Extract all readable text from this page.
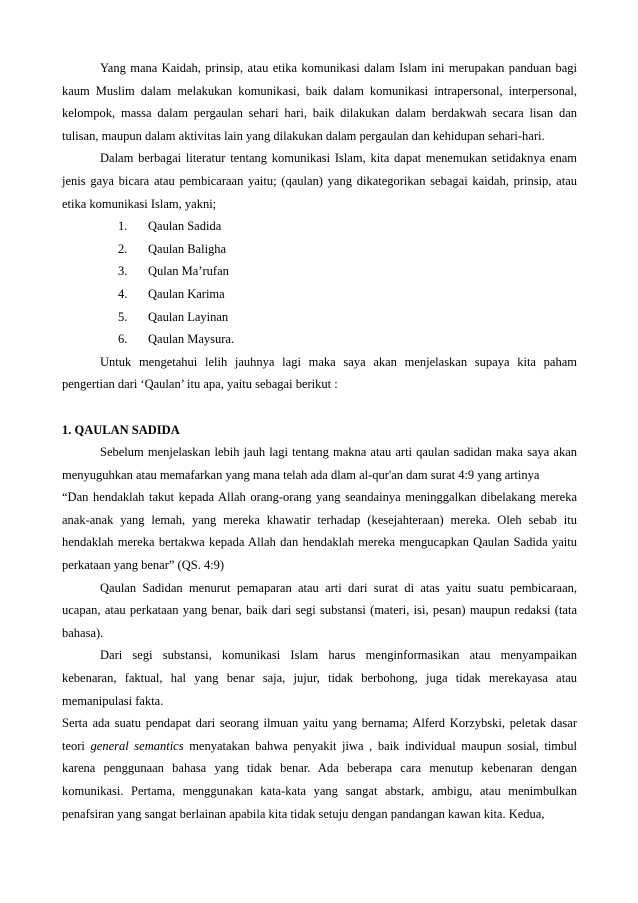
Yang mana Kaidah, prinsip, atau etika komunikasi dalam Islam ini merupakan panduan bagi kaum Muslim dalam melakukan komunikasi, baik dalam komunikasi intrapersonal, interpersonal, kelompok, massa dalam pergaulan sehari hari, baik dilakukan dalam berdakwah secara lisan dan tulisan, maupun dalam aktivitas lain yang dilakukan dalam pergaulan dan kehidupan sehari-hari.

Dalam berbagai literatur tentang komunikasi Islam, kita dapat menemukan setidaknya enam jenis gaya bicara atau pembicaraan yaitu; (qaulan) yang dikategorikan sebagai kaidah, prinsip, atau etika komunikasi Islam, yakni;

1. Qaulan Sadida
2. Qaulan Baligha
3. Qulan Ma’rufan
4. Qaulan Karima
5. Qaulan Layinan
6. Qaulan Maysura.

Untuk mengetahui lelih jauhnya lagi maka saya akan menjelaskan supaya kita paham pengertian dari ‘Qaulan’ itu apa, yaitu sebagai berikut :

1. QAULAN SADIDA

Sebelum menjelaskan lebih jauh lagi tentang makna atau arti qaulan sadidan maka saya akan menyuguhkan atau memafarkan yang mana telah ada dlam al-qur'an dam surat 4:9 yang artinya

“Dan hendaklah takut kepada Allah orang-orang yang seandainya meninggalkan dibelakang mereka anak-anak yang lemah, yang mereka khawatir terhadap (kesejahteraan) mereka. Oleh sebab itu hendaklah mereka bertakwa kepada Allah dan hendaklah mereka mengucapkan Qaulan Sadida yaitu perkataan yang benar” (QS. 4:9)

Qaulan Sadidan menurut pemaparan atau arti dari surat di atas yaitu suatu pembicaraan, ucapan, atau perkataan yang benar, baik dari segi substansi (materi, isi, pesan) maupun redaksi (tata bahasa).

Dari segi substansi, komunikasi Islam harus menginformasikan atau menyampaikan kebenaran, faktual, hal yang benar saja, jujur, tidak berbohong, juga tidak merekayasa atau memanipulasi fakta.

Serta ada suatu pendapat dari seorang ilmuan yaitu yang bernama; Alferd Korzybski, peletak dasar teori general semantics menyatakan bahwa penyakit jiwa , baik individual maupun sosial, timbul karena penggunaan bahasa yang tidak benar. Ada beberapa cara menutup kebenaran dengan komunikasi. Pertama, menggunakan kata-kata yang sangat abstark, ambigu, atau menimbulkan penafsiran yang sangat berlainan apabila kita tidak setuju dengan pandangan kawan kita. Kedua,
